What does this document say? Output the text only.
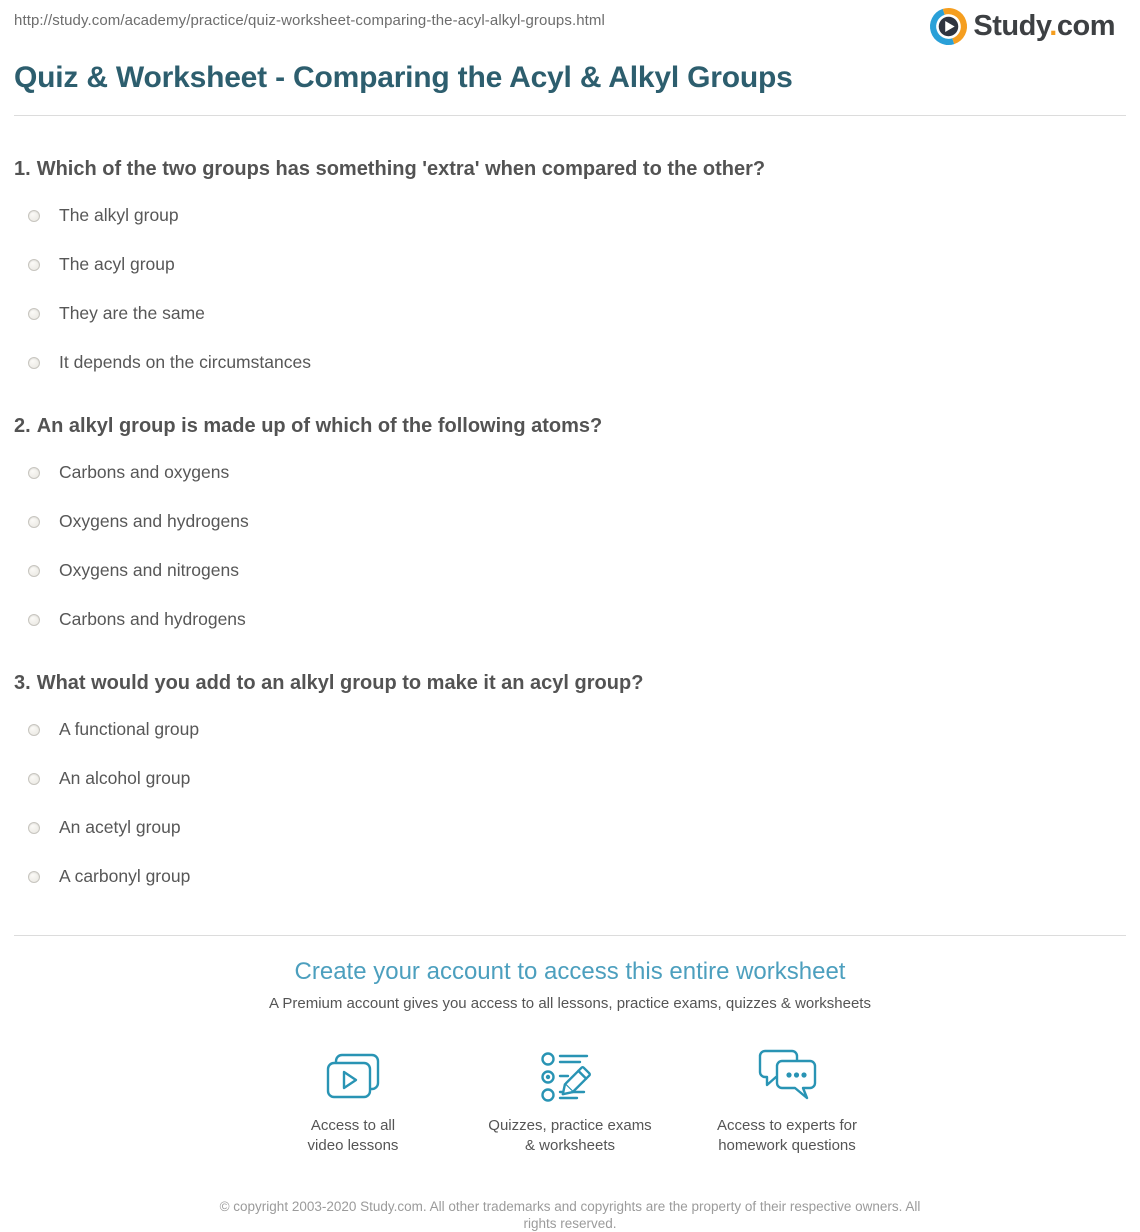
http://study.com/academy/practice/quiz-worksheet-comparing-the-acyl-alkyl-groups.html	Study.com
Quiz & Worksheet - Comparing the Acyl & Alkyl Groups
1. Which of the two groups has something 'extra' when compared to the other?
The alkyl group
The acyl group
They are the same
It depends on the circumstances
2. An alkyl group is made up of which of the following atoms?
Carbons and oxygens
Oxygens and hydrogens
Oxygens and nitrogens
Carbons and hydrogens
3. What would you add to an alkyl group to make it an acyl group?
A functional group
An alcohol group
An acetyl group
A carbonyl group
Create your account to access this entire worksheet
A Premium account gives you access to all lessons, practice exams, quizzes & worksheets
Access to all
video lessons
Quizzes, practice exams
& worksheets
Access to experts for
homework questions
© copyright 2003-2020 Study.com. All other trademarks and copyrights are the property of their respective owners. All rights reserved.
